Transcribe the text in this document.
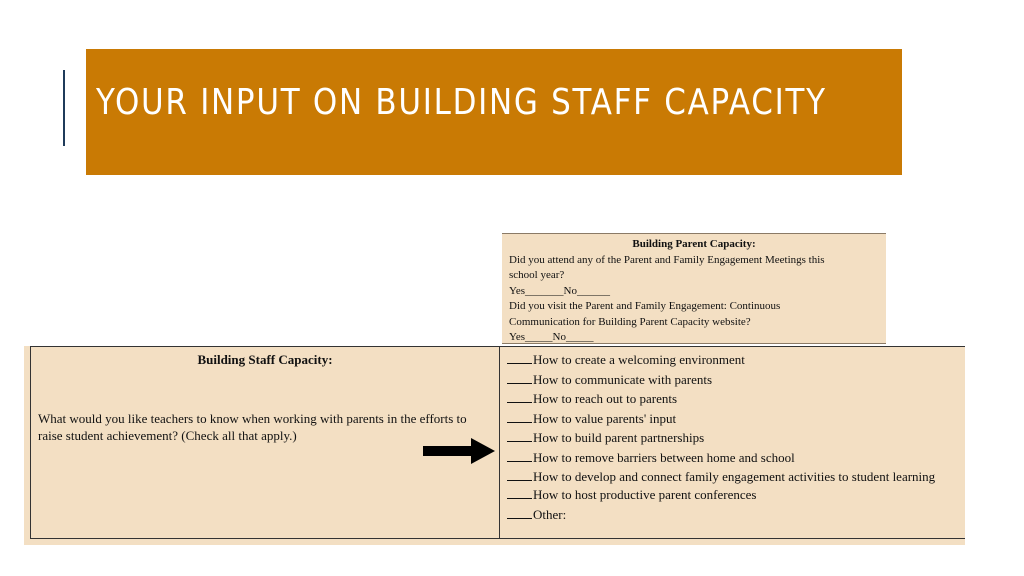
YOUR INPUT ON BUILDING STAFF CAPACITY

Building Parent Capacity:

Did you attend any of the Parent and Family Engagement Meetings this

school year?

Yes_______No______

Did you visit the Parent and Family Engagement: Continuous

Communication for Building Parent Capacity website?

Yes_____No_____

Building Staff Capacity:
What would you like teachers to know when working with parents in the efforts to raise student achievement? (Check all that apply.)
How to create a welcoming environment
How to communicate with parents
How to reach out to parents
How to value parents' input
How to build parent partnerships
How to remove barriers between home and school
How to develop and connect family engagement activities to student learning
How to host productive parent conferences
Other:
